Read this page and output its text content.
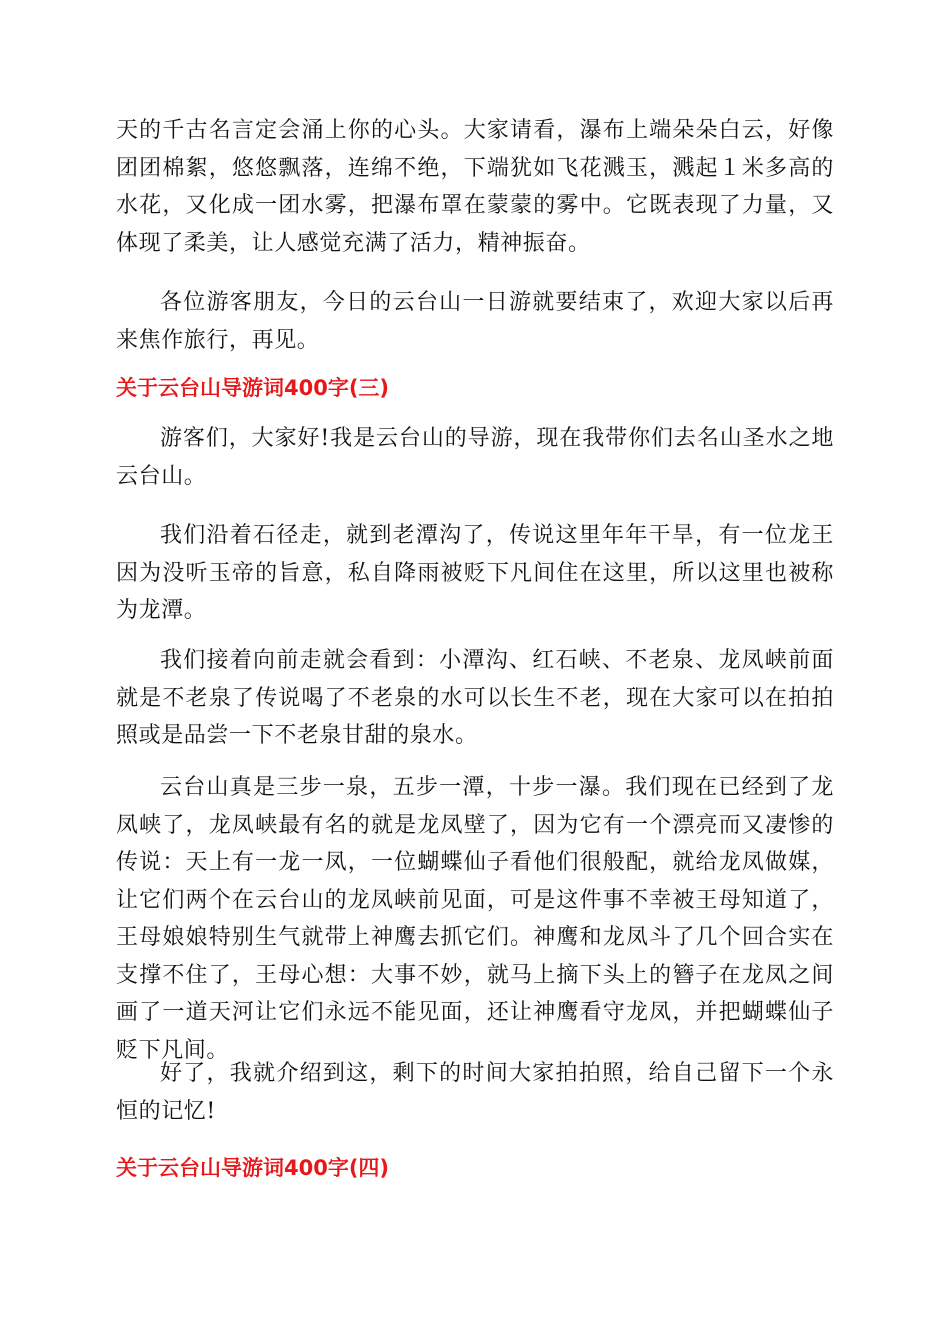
天的千古名言定会涌上你的心头。大家请看，瀑布上端朵朵白云，好像团团棉絮，悠悠飘落，连绵不绝，下端犹如飞花溅玉，溅起１米多高的水花，又化成一团水雾，把瀑布罩在蒙蒙的雾中。它既表现了力量，又体现了柔美，让人感觉充满了活力，精神振奋。

各位游客朋友，今日的云台山一日游就要结束了，欢迎大家以后再来焦作旅行，再见。

关于云台山导游词400字(三)

游客们，大家好!我是云台山的导游，现在我带你们去名山圣水之地云台山。

我们沿着石径走，就到老潭沟了，传说这里年年干旱，有一位龙王因为没听玉帝的旨意，私自降雨被贬下凡间住在这里，所以这里也被称为龙潭。

我们接着向前走就会看到：小潭沟、红石峡、不老泉、龙凤峡前面就是不老泉了传说喝了不老泉的水可以长生不老，现在大家可以在拍拍照或是品尝一下不老泉甘甜的泉水。

云台山真是三步一泉，五步一潭，十步一瀑。我们现在已经到了龙凤峡了，龙凤峡最有名的就是龙凤壁了，因为它有一个漂亮而又凄惨的传说：天上有一龙一凤，一位蝴蝶仙子看他们很般配，就给龙凤做媒，让它们两个在云台山的龙凤峡前见面，可是这件事不幸被王母知道了，王母娘娘特别生气就带上神鹰去抓它们。神鹰和龙凤斗了几个回合实在支撑不住了，王母心想：大事不妙，就马上摘下头上的簪子在龙凤之间画了一道天河让它们永远不能见面，还让神鹰看守龙凤，并把蝴蝶仙子贬下凡间。

好了，我就介绍到这，剩下的时间大家拍拍照，给自己留下一个永恒的记忆!

关于云台山导游词400字(四)
